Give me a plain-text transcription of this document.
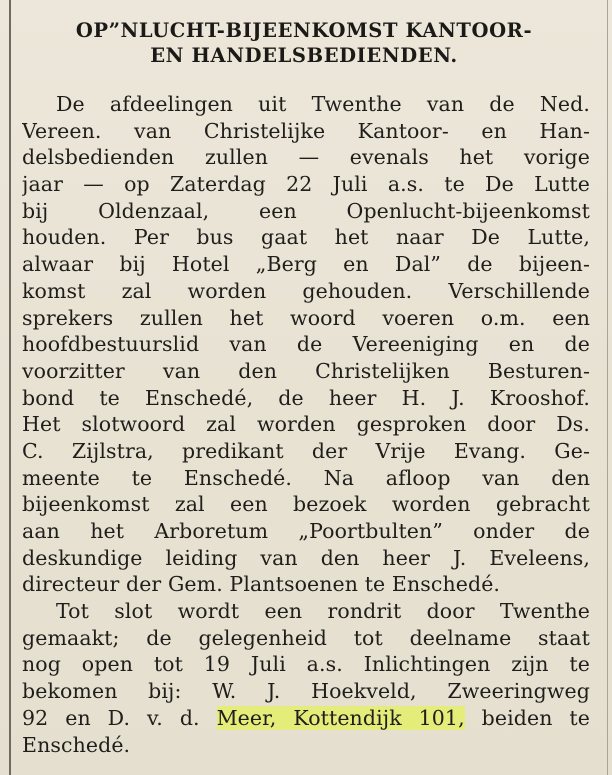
OP”NLUCHT-BIJEENKOMST KANTOOR-
EN HANDELSBEDIENDEN.
De afdeelingen uit Twenthe van de Ned.
Vereen. van Christelijke Kantoor- en Han-
delsbedienden zullen — evenals het vorige
jaar — op Zaterdag 22 Juli a.s. te De Lutte
bij Oldenzaal, een Openlucht-bijeenkomst
houden. Per bus gaat het naar De Lutte,
alwaar bij Hotel „Berg en Dal” de bijeen-
komst zal worden gehouden. Verschillende
sprekers zullen het woord voeren o.m. een
hoofdbestuurslid van de Vereeniging en de
voorzitter van den Christelijken Besturen-
bond te Enschedé, de heer H. J. Krooshof.
Het slotwoord zal worden gesproken door Ds.
C. Zijlstra, predikant der Vrije Evang. Ge-
meente te Enschedé. Na afloop van den
bijeenkomst zal een bezoek worden gebracht
aan het Arboretum „Poortbulten” onder de
deskundige leiding van den heer J. Eveleens,
directeur der Gem. Plantsoenen te Enschedé.
Tot slot wordt een rondrit door Twenthe
gemaakt; de gelegenheid tot deelname staat
nog open tot 19 Juli a.s. Inlichtingen zijn te
bekomen bij: W. J. Hoekveld, Zweeringweg
92 en D. v. d. Meer, Kottendijk 101, beiden te
Enschedé.
